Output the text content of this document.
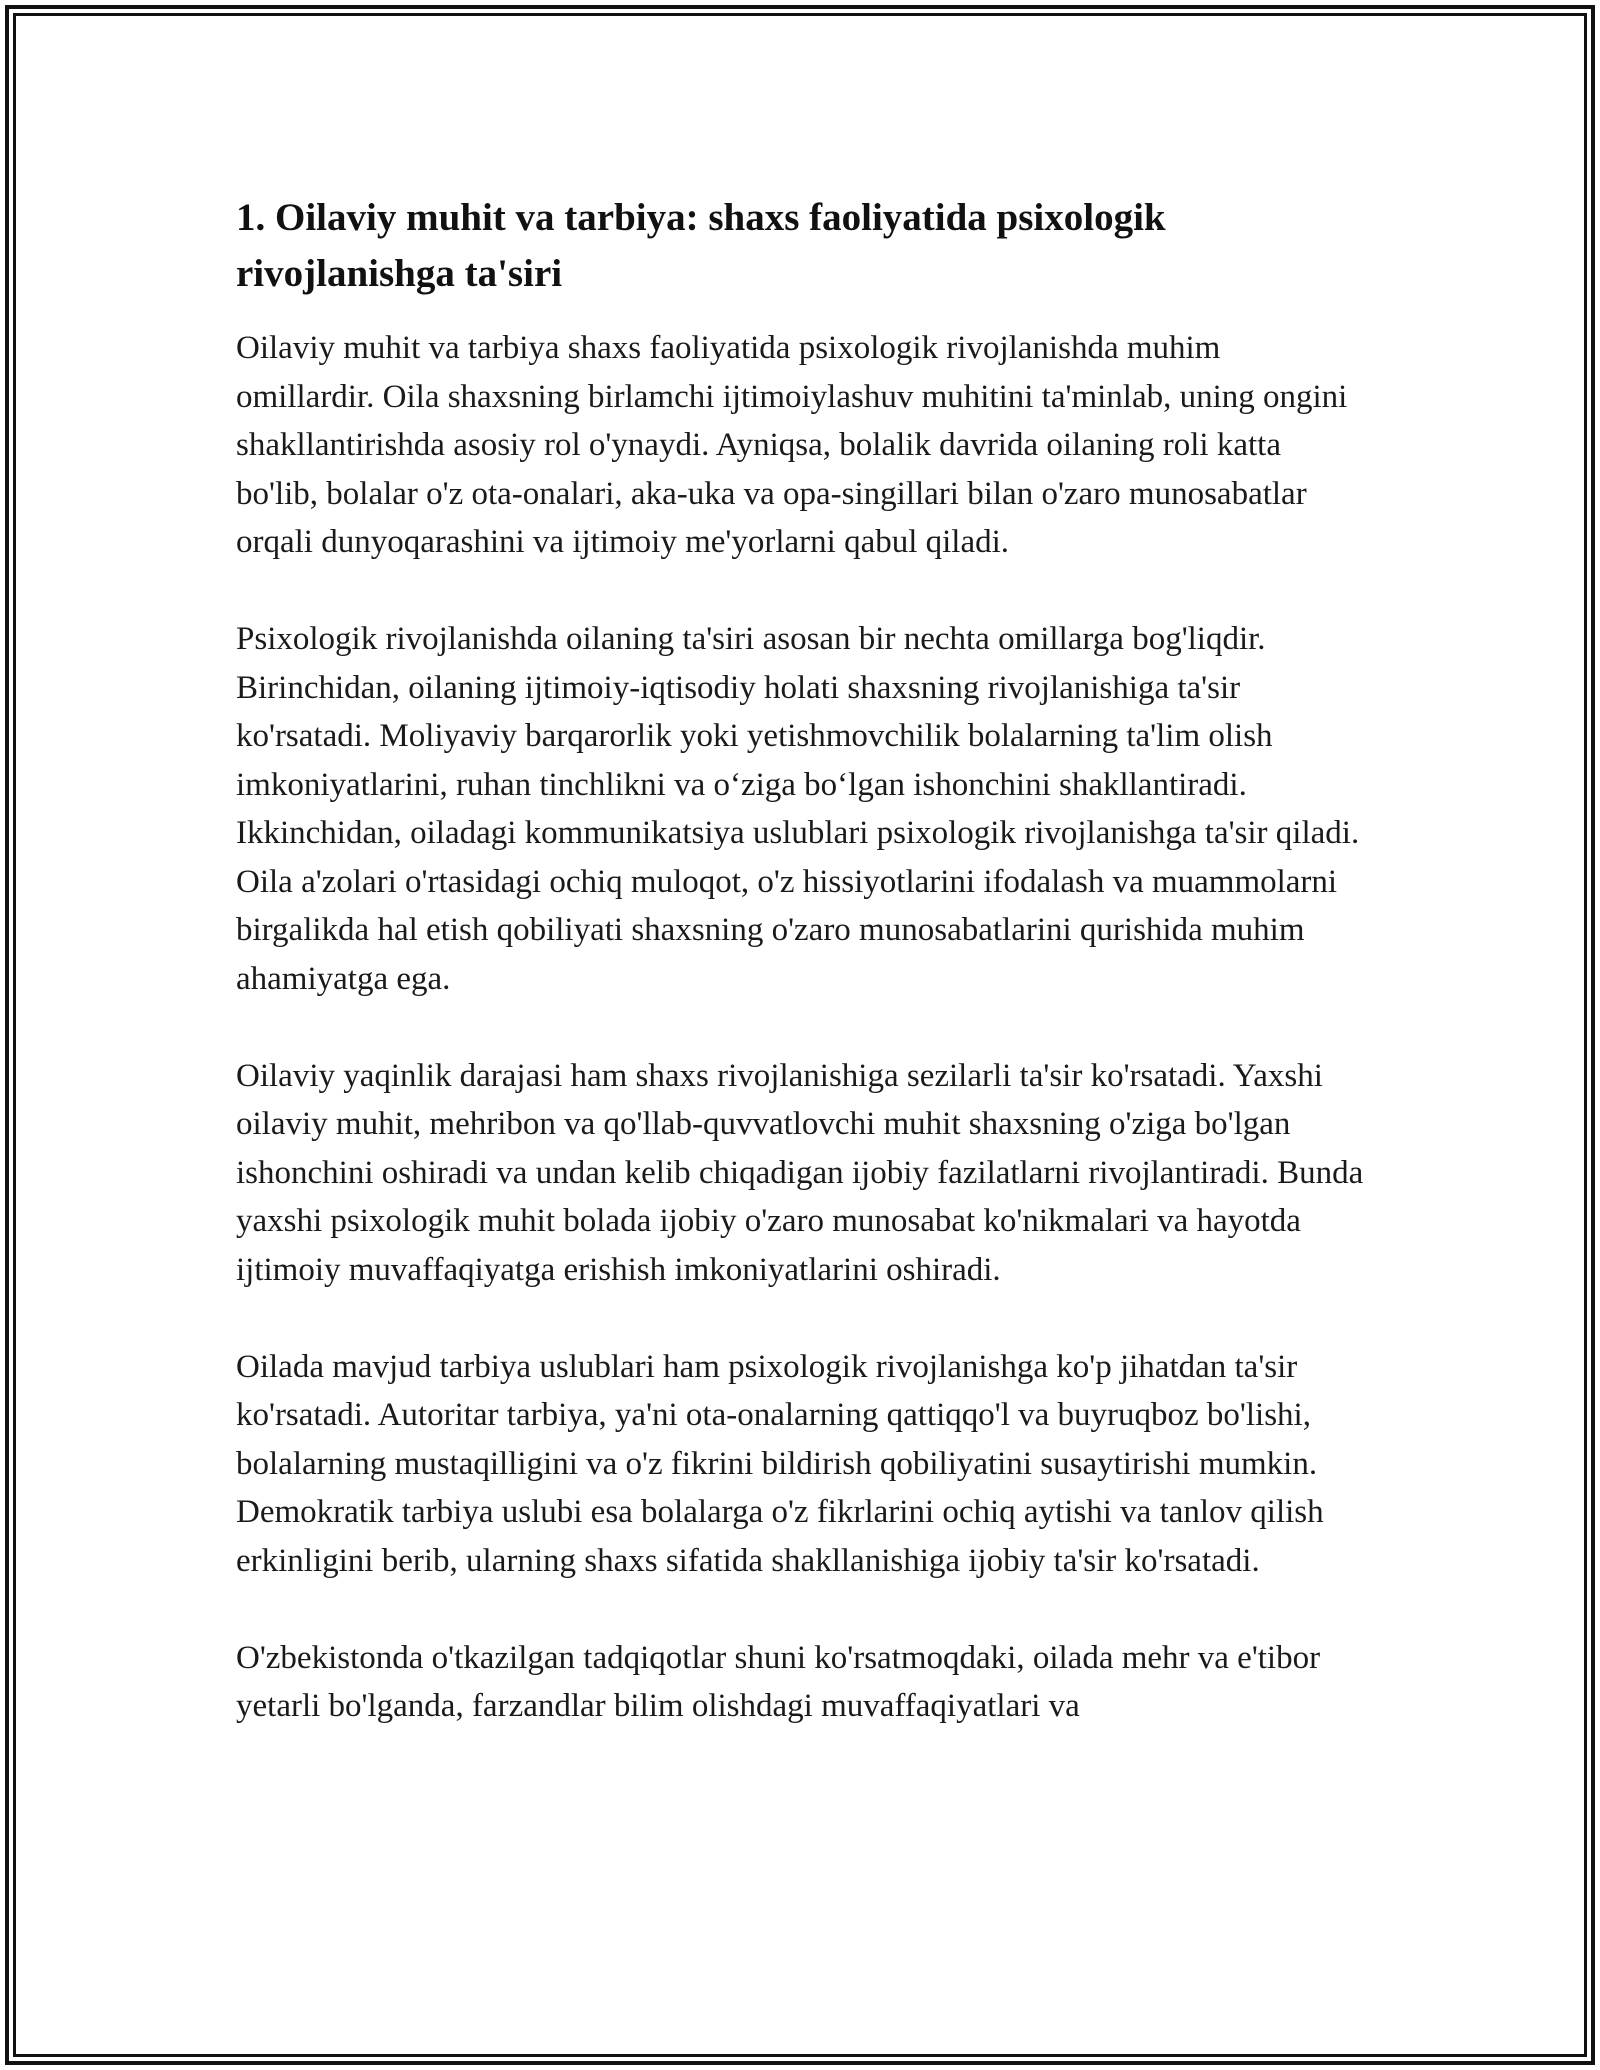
1. Oilaviy muhit va tarbiya: shaxs faoliyatida psixologik rivojlanishga ta'siri

Oilaviy muhit va tarbiya shaxs faoliyatida psixologik rivojlanishda muhim omillardir. Oila shaxsning birlamchi ijtimoiylashuv muhitini ta'minlab, uning ongini shakllantirishda asosiy rol o'ynaydi. Ayniqsa, bolalik davrida oilaning roli katta bo'lib, bolalar o'z ota-onalari, aka-uka va opa-singillari bilan o'zaro munosabatlar orqali dunyoqarashini va ijtimoiy me'yorlarni qabul qiladi.

Psixologik rivojlanishda oilaning ta'siri asosan bir nechta omillarga bog'liqdir. Birinchidan, oilaning ijtimoiy-iqtisodiy holati shaxsning rivojlanishiga ta'sir ko'rsatadi. Moliyaviy barqarorlik yoki yetishmovchilik bolalarning ta'lim olish imkoniyatlarini, ruhan tinchlikni va o‘ziga bo‘lgan ishonchini shakllantiradi. Ikkinchidan, oiladagi kommunikatsiya uslublari psixologik rivojlanishga ta'sir qiladi. Oila a'zolari o'rtasidagi ochiq muloqot, o'z hissiyotlarini ifodalash va muammolarni birgalikda hal etish qobiliyati shaxsning o'zaro munosabatlarini qurishida muhim ahamiyatga ega.

Oilaviy yaqinlik darajasi ham shaxs rivojlanishiga sezilarli ta'sir ko'rsatadi. Yaxshi oilaviy muhit, mehribon va qo'llab-quvvatlovchi muhit shaxsning o'ziga bo'lgan ishonchini oshiradi va undan kelib chiqadigan ijobiy fazilatlarni rivojlantiradi. Bunda yaxshi psixologik muhit bolada ijobiy o'zaro munosabat ko'nikmalari va hayotda ijtimoiy muvaffaqiyatga erishish imkoniyatlarini oshiradi.

Oilada mavjud tarbiya uslublari ham psixologik rivojlanishga ko'p jihatdan ta'sir ko'rsatadi. Autoritar tarbiya, ya'ni ota-onalarning qattiqqo'l va buyruqboz bo'lishi, bolalarning mustaqilligini va o'z fikrini bildirish qobiliyatini susaytirishi mumkin. Demokratik tarbiya uslubi esa bolalarga o'z fikrlarini ochiq aytishi va tanlov qilish erkinligini berib, ularning shaxs sifatida shakllanishiga ijobiy ta'sir ko'rsatadi.

O'zbekistonda o'tkazilgan tadqiqotlar shuni ko'rsatmoqdaki, oilada mehr va e'tibor yetarli bo'lganda, farzandlar bilim olishdagi muvaffaqiyatlari va
